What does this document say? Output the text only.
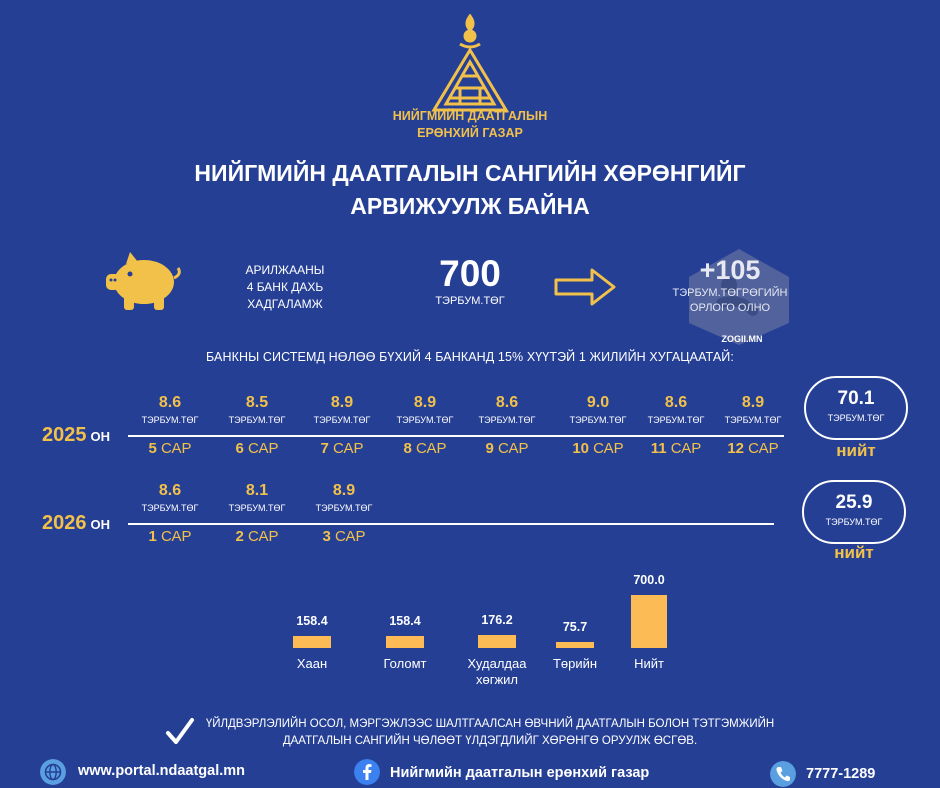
НИЙГМИЙН ДААТГАЛЫН
ЕРӨНХИЙ ГАЗАР
НИЙГМИЙН ДААТГАЛЫН САНГИЙН ХӨРӨНГИЙГ
АРВИЖУУЛЖ БАЙНА
АРИЛЖААНЫ
4 БАНК ДАХЬ
ХАДГАЛАМЖ
700
ТЭРБУМ.ТӨГ
+105
ТЭРБУМ.ТӨГРӨГИЙН
ОРЛОГО ОЛНО
ZOGII.MN
БАНКНЫ СИСТЕМД НӨЛӨӨ БҮХИЙ 4 БАНКАНД 15% ХҮҮТЭЙ 1 ЖИЛИЙН ХУГАЦААТАЙ:
8.6
ТЭРБУМ.ТӨГ
5 САР
8.5
ТЭРБУМ.ТӨГ
6 САР
8.9
ТЭРБУМ.ТӨГ
7 САР
8.9
ТЭРБУМ.ТӨГ
8 САР
8.6
ТЭРБУМ.ТӨГ
9 САР
9.0
ТЭРБУМ.ТӨГ
10 САР
8.6
ТЭРБУМ.ТӨГ
11 САР
8.9
ТЭРБУМ.ТӨГ
12 САР
2025 ОН
70.1
ТЭРБУМ.ТӨГ
нийт
8.6
ТЭРБУМ.ТӨГ
1 САР
8.1
ТЭРБУМ.ТӨГ
2 САР
8.9
ТЭРБУМ.ТӨГ
3 САР
2026 ОН
25.9
ТЭРБУМ.ТӨГ
нийт
158.4
Хаан
158.4
Голомт
176.2
Худалдаа
хөгжил
75.7
Төрийн
700.0
Нийт
ҮЙЛДВЭРЛЭЛИЙН ОСОЛ, МЭРГЭЖЛЭЭС ШАЛТГААЛСАН ӨВЧНИЙ ДААТГАЛЫН БОЛОН ТЭТГЭМЖИЙН
ДААТГАЛЫН САНГИЙН ЧӨЛӨӨТ ҮЛДЭГДЛИЙГ ХӨРӨНГӨ ОРУУЛЖ ӨСГӨВ.
www.portal.ndaatgal.mn	Нийгмийн даатгалын ерөнхий газар	7777-1289
